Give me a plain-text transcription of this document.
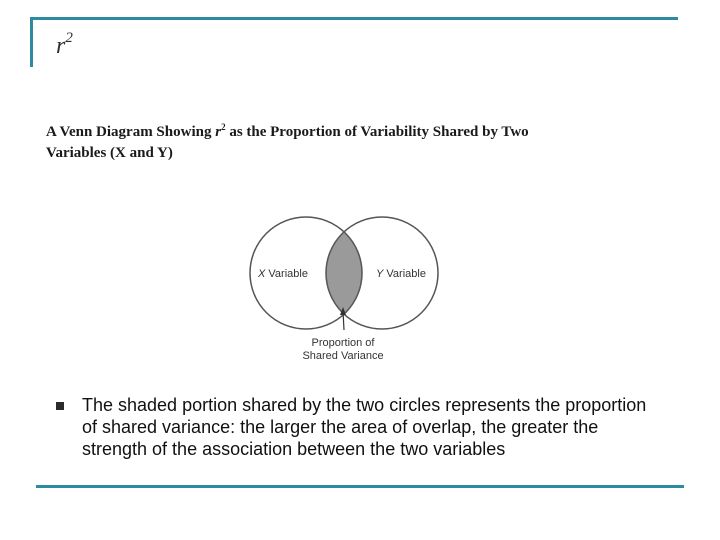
$r^2$
A Venn Diagram Showing $r^2$ as the Proportion of Variability Shared by Two
Variables (X and Y)
X Variable	Y Variable
Proportion of
Shared Variance
The shaded portion shared by the two circles represents the proportion of shared variance: the larger the area of overlap, the greater the strength of the association between the two variables
